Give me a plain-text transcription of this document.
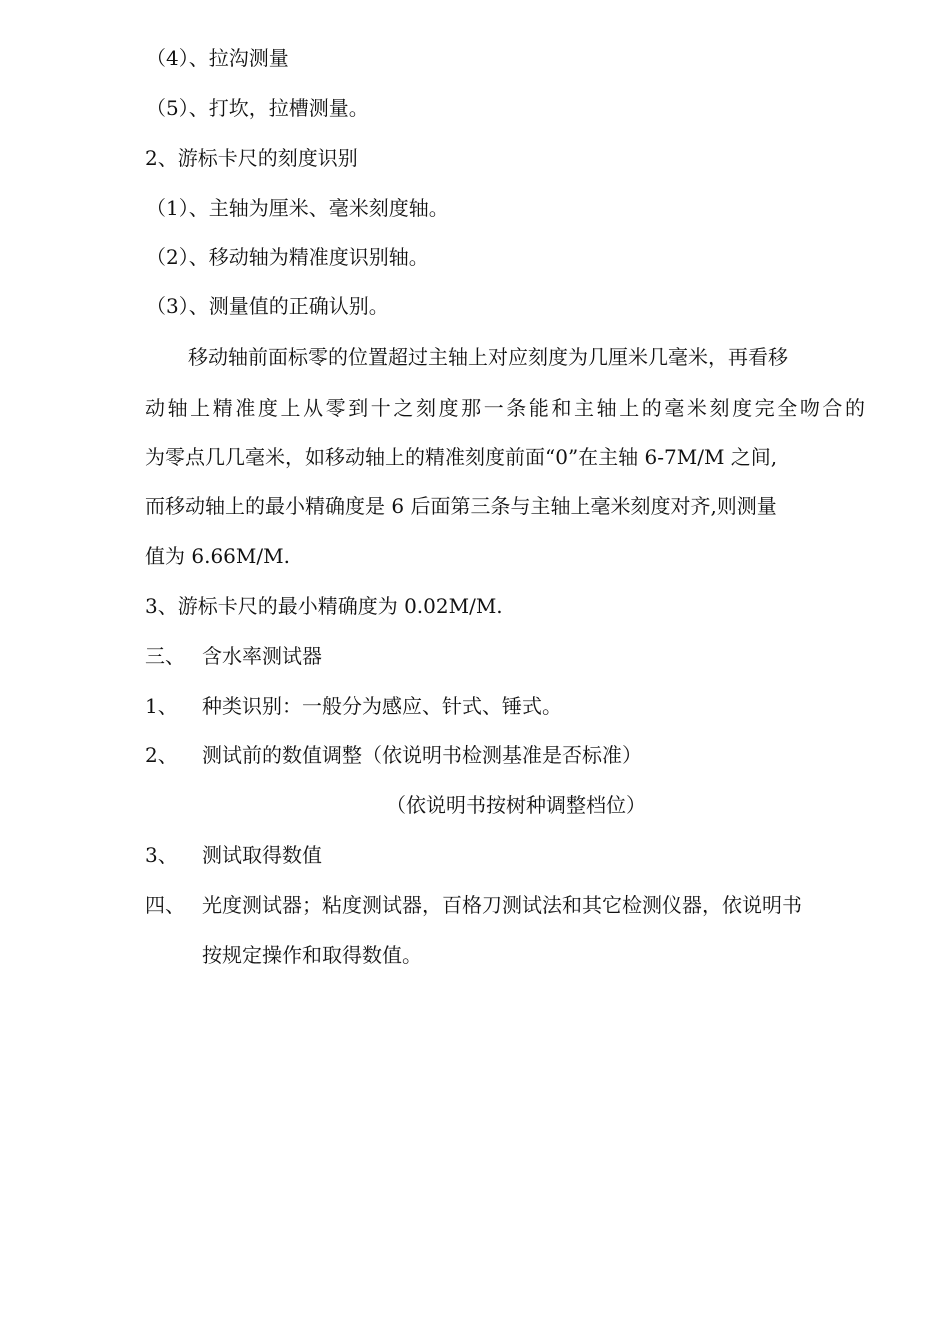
（4）、拉沟测量
（5）、打坎，拉槽测量。
2、游标卡尺的刻度识别
（1）、主轴为厘米、毫米刻度轴。
（2）、移动轴为精准度识别轴。
（3）、测量值的正确认别。
移动轴前面标零的位置超过主轴上对应刻度为几厘米几毫米，再看移
动轴上精准度上从零到十之刻度那一条能和主轴上的毫米刻度完全吻合的
为零点几几毫米，如移动轴上的精准刻度前面“0”在主轴 6-7M/M 之间,
而移动轴上的最小精确度是 6 后面第三条与主轴上毫米刻度对齐,则测量
值为 6.66M/M.
3、游标卡尺的最小精确度为 0.02M/M.
三、 含水率测试器
1、 种类识别：一般分为感应、针式、锤式。
2、 测试前的数值调整（依说明书检测基准是否标准）
（依说明书按树种调整档位）
3、 测试取得数值
四、 光度测试器；粘度测试器，百格刀测试法和其它检测仪器，依说明书
按规定操作和取得数值。
